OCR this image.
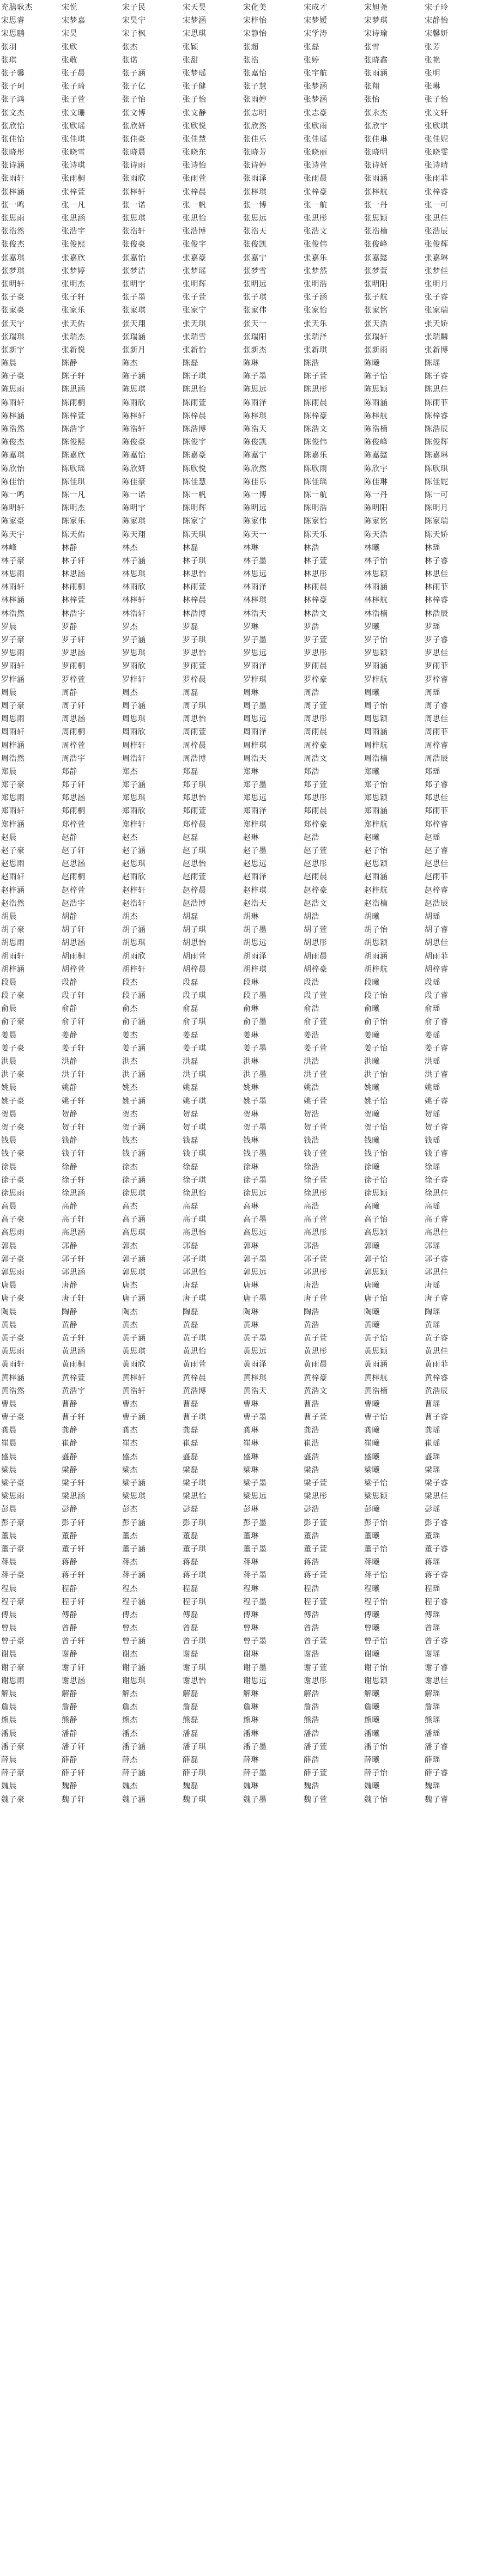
充膳耿杰	宋悦	宋子民	宋天昊	宋化美	宋成才	宋旭尧	宋子玲
宋思睿	宋梦嘉	宋昊宁	宋梦涵	宋梓怡	宋梦嫒	宋梦琪	宋静怡
宋思鹏	宋昊	宋子枫	宋思琪	宋静怡	宋学涛	宋诗瑜	宋馨妍
张羽	张欣	张杰	张颖	张超	张磊	张雪	张芳
张琪	张敬	张诺	张甜	张浩	张婷	张晓鑫	张艳
张子馨	张子晨	张子涵	张梦瑶	张嘉怡	张宇航	张雨涵	张明
张子珂	张子琦	张子亿	张子健	张子慧	张梦涵	张翔	张琳
张子鸿	张子萱	张子怡	张子怡	张雨婷	张梦涵	张怡	张子怡
张文杰	张文珊	张文博	张文静	张志明	张志豪	张永杰	张文轩
张欣怡	张欣瑶	张欣妍	张欣悦	张欣然	张欣雨	张欣宇	张欣琪
张佳怡	张佳琪	张佳豪	张佳慧	张佳乐	张佳瑶	张佳琳	张佳妮
张晓彤	张晓雪	张晓晨	张晓东	张晓芳	张晓丽	张晓明	张晓雯
张诗涵	张诗琪	张诗雨	张诗怡	张诗婷	张诗萱	张诗妍	张诗晴
张雨轩	张雨桐	张雨欣	张雨萱	张雨泽	张雨晨	张雨涵	张雨菲
张梓涵	张梓萱	张梓轩	张梓晨	张梓琪	张梓豪	张梓航	张梓睿
张一鸣	张一凡	张一诺	张一帆	张一博	张一航	张一丹	张一可
张思雨	张思涵	张思琪	张思怡	张思远	张思彤	张思颖	张思佳
张浩然	张浩宇	张浩轩	张浩博	张浩天	张浩文	张浩楠	张浩辰
张俊杰	张俊熙	张俊豪	张俊宇	张俊凯	张俊伟	张俊峰	张俊辉
张嘉琪	张嘉欣	张嘉怡	张嘉豪	张嘉宁	张嘉乐	张嘉懿	张嘉琳
张梦琪	张梦婷	张梦洁	张梦瑶	张梦雪	张梦然	张梦萱	张梦佳
张明轩	张明杰	张明宇	张明辉	张明远	张明浩	张明阳	张明月
张子豪	张子轩	张子墨	张子萱	张子琪	张子涵	张子航	张子睿
张家豪	张家乐	张家琪	张家宁	张家伟	张家怡	张家铭	张家瑞
张天宇	张天佑	张天翔	张天琪	张天一	张天乐	张天浩	张天娇
张瑞琪	张瑞杰	张瑞涵	张瑞雪	张瑞阳	张瑞泽	张瑞轩	张瑞麟
张新宇	张新悦	张新月	张新怡	张新杰	张新琪	张新雨	张新博
陈晨	陈静	陈杰	陈磊	陈琳	陈浩	陈曦	陈瑶
陈子豪	陈子轩	陈子涵	陈子琪	陈子墨	陈子萱	陈子怡	陈子睿
陈思雨	陈思涵	陈思琪	陈思怡	陈思远	陈思彤	陈思颖	陈思佳
陈雨轩	陈雨桐	陈雨欣	陈雨萱	陈雨泽	陈雨晨	陈雨涵	陈雨菲
陈梓涵	陈梓萱	陈梓轩	陈梓晨	陈梓琪	陈梓豪	陈梓航	陈梓睿
陈浩然	陈浩宇	陈浩轩	陈浩博	陈浩天	陈浩文	陈浩楠	陈浩辰
陈俊杰	陈俊熙	陈俊豪	陈俊宇	陈俊凯	陈俊伟	陈俊峰	陈俊辉
陈嘉琪	陈嘉欣	陈嘉怡	陈嘉豪	陈嘉宁	陈嘉乐	陈嘉懿	陈嘉琳
陈欣怡	陈欣瑶	陈欣妍	陈欣悦	陈欣然	陈欣雨	陈欣宇	陈欣琪
陈佳怡	陈佳琪	陈佳豪	陈佳慧	陈佳乐	陈佳瑶	陈佳琳	陈佳妮
陈一鸣	陈一凡	陈一诺	陈一帆	陈一博	陈一航	陈一丹	陈一可
陈明轩	陈明杰	陈明宇	陈明辉	陈明远	陈明浩	陈明阳	陈明月
陈家豪	陈家乐	陈家琪	陈家宁	陈家伟	陈家怡	陈家铭	陈家瑞
陈天宇	陈天佑	陈天翔	陈天琪	陈天一	陈天乐	陈天浩	陈天娇
林峰	林静	林杰	林磊	林琳	林浩	林曦	林瑶
林子豪	林子轩	林子涵	林子琪	林子墨	林子萱	林子怡	林子睿
林思雨	林思涵	林思琪	林思怡	林思远	林思彤	林思颖	林思佳
林雨轩	林雨桐	林雨欣	林雨萱	林雨泽	林雨晨	林雨涵	林雨菲
林梓涵	林梓萱	林梓轩	林梓晨	林梓琪	林梓豪	林梓航	林梓睿
林浩然	林浩宇	林浩轩	林浩博	林浩天	林浩文	林浩楠	林浩辰
罗晨	罗静	罗杰	罗磊	罗琳	罗浩	罗曦	罗瑶
罗子豪	罗子轩	罗子涵	罗子琪	罗子墨	罗子萱	罗子怡	罗子睿
罗思雨	罗思涵	罗思琪	罗思怡	罗思远	罗思彤	罗思颖	罗思佳
罗雨轩	罗雨桐	罗雨欣	罗雨萱	罗雨泽	罗雨晨	罗雨涵	罗雨菲
罗梓涵	罗梓萱	罗梓轩	罗梓晨	罗梓琪	罗梓豪	罗梓航	罗梓睿
周晨	周静	周杰	周磊	周琳	周浩	周曦	周瑶
周子豪	周子轩	周子涵	周子琪	周子墨	周子萱	周子怡	周子睿
周思雨	周思涵	周思琪	周思怡	周思远	周思彤	周思颖	周思佳
周雨轩	周雨桐	周雨欣	周雨萱	周雨泽	周雨晨	周雨涵	周雨菲
周梓涵	周梓萱	周梓轩	周梓晨	周梓琪	周梓豪	周梓航	周梓睿
周浩然	周浩宇	周浩轩	周浩博	周浩天	周浩文	周浩楠	周浩辰
郑晨	郑静	郑杰	郑磊	郑琳	郑浩	郑曦	郑瑶
郑子豪	郑子轩	郑子涵	郑子琪	郑子墨	郑子萱	郑子怡	郑子睿
郑思雨	郑思涵	郑思琪	郑思怡	郑思远	郑思彤	郑思颖	郑思佳
郑雨轩	郑雨桐	郑雨欣	郑雨萱	郑雨泽	郑雨晨	郑雨涵	郑雨菲
郑梓涵	郑梓萱	郑梓轩	郑梓晨	郑梓琪	郑梓豪	郑梓航	郑梓睿
赵晨	赵静	赵杰	赵磊	赵琳	赵浩	赵曦	赵瑶
赵子豪	赵子轩	赵子涵	赵子琪	赵子墨	赵子萱	赵子怡	赵子睿
赵思雨	赵思涵	赵思琪	赵思怡	赵思远	赵思彤	赵思颖	赵思佳
赵雨轩	赵雨桐	赵雨欣	赵雨萱	赵雨泽	赵雨晨	赵雨涵	赵雨菲
赵梓涵	赵梓萱	赵梓轩	赵梓晨	赵梓琪	赵梓豪	赵梓航	赵梓睿
赵浩然	赵浩宇	赵浩轩	赵浩博	赵浩天	赵浩文	赵浩楠	赵浩辰
胡晨	胡静	胡杰	胡磊	胡琳	胡浩	胡曦	胡瑶
胡子豪	胡子轩	胡子涵	胡子琪	胡子墨	胡子萱	胡子怡	胡子睿
胡思雨	胡思涵	胡思琪	胡思怡	胡思远	胡思彤	胡思颖	胡思佳
胡雨轩	胡雨桐	胡雨欣	胡雨萱	胡雨泽	胡雨晨	胡雨涵	胡雨菲
胡梓涵	胡梓萱	胡梓轩	胡梓晨	胡梓琪	胡梓豪	胡梓航	胡梓睿
段晨	段静	段杰	段磊	段琳	段浩	段曦	段瑶
段子豪	段子轩	段子涵	段子琪	段子墨	段子萱	段子怡	段子睿
俞晨	俞静	俞杰	俞磊	俞琳	俞浩	俞曦	俞瑶
俞子豪	俞子轩	俞子涵	俞子琪	俞子墨	俞子萱	俞子怡	俞子睿
姜晨	姜静	姜杰	姜磊	姜琳	姜浩	姜曦	姜瑶
姜子豪	姜子轩	姜子涵	姜子琪	姜子墨	姜子萱	姜子怡	姜子睿
洪晨	洪静	洪杰	洪磊	洪琳	洪浩	洪曦	洪瑶
洪子豪	洪子轩	洪子涵	洪子琪	洪子墨	洪子萱	洪子怡	洪子睿
姚晨	姚静	姚杰	姚磊	姚琳	姚浩	姚曦	姚瑶
姚子豪	姚子轩	姚子涵	姚子琪	姚子墨	姚子萱	姚子怡	姚子睿
贺晨	贺静	贺杰	贺磊	贺琳	贺浩	贺曦	贺瑶
贺子豪	贺子轩	贺子涵	贺子琪	贺子墨	贺子萱	贺子怡	贺子睿
钱晨	钱静	钱杰	钱磊	钱琳	钱浩	钱曦	钱瑶
钱子豪	钱子轩	钱子涵	钱子琪	钱子墨	钱子萱	钱子怡	钱子睿
徐晨	徐静	徐杰	徐磊	徐琳	徐浩	徐曦	徐瑶
徐子豪	徐子轩	徐子涵	徐子琪	徐子墨	徐子萱	徐子怡	徐子睿
徐思雨	徐思涵	徐思琪	徐思怡	徐思远	徐思彤	徐思颖	徐思佳
高晨	高静	高杰	高磊	高琳	高浩	高曦	高瑶
高子豪	高子轩	高子涵	高子琪	高子墨	高子萱	高子怡	高子睿
高思雨	高思涵	高思琪	高思怡	高思远	高思彤	高思颖	高思佳
郭晨	郭静	郭杰	郭磊	郭琳	郭浩	郭曦	郭瑶
郭子豪	郭子轩	郭子涵	郭子琪	郭子墨	郭子萱	郭子怡	郭子睿
郭思雨	郭思涵	郭思琪	郭思怡	郭思远	郭思彤	郭思颖	郭思佳
唐晨	唐静	唐杰	唐磊	唐琳	唐浩	唐曦	唐瑶
唐子豪	唐子轩	唐子涵	唐子琪	唐子墨	唐子萱	唐子怡	唐子睿
陶晨	陶静	陶杰	陶磊	陶琳	陶浩	陶曦	陶瑶
黄晨	黄静	黄杰	黄磊	黄琳	黄浩	黄曦	黄瑶
黄子豪	黄子轩	黄子涵	黄子琪	黄子墨	黄子萱	黄子怡	黄子睿
黄思雨	黄思涵	黄思琪	黄思怡	黄思远	黄思彤	黄思颖	黄思佳
黄雨轩	黄雨桐	黄雨欣	黄雨萱	黄雨泽	黄雨晨	黄雨涵	黄雨菲
黄梓涵	黄梓萱	黄梓轩	黄梓晨	黄梓琪	黄梓豪	黄梓航	黄梓睿
黄浩然	黄浩宇	黄浩轩	黄浩博	黄浩天	黄浩文	黄浩楠	黄浩辰
曹晨	曹静	曹杰	曹磊	曹琳	曹浩	曹曦	曹瑶
曹子豪	曹子轩	曹子涵	曹子琪	曹子墨	曹子萱	曹子怡	曹子睿
龚晨	龚静	龚杰	龚磊	龚琳	龚浩	龚曦	龚瑶
崔晨	崔静	崔杰	崔磊	崔琳	崔浩	崔曦	崔瑶
盛晨	盛静	盛杰	盛磊	盛琳	盛浩	盛曦	盛瑶
梁晨	梁静	梁杰	梁磊	梁琳	梁浩	梁曦	梁瑶
梁子豪	梁子轩	梁子涵	梁子琪	梁子墨	梁子萱	梁子怡	梁子睿
梁思雨	梁思涵	梁思琪	梁思怡	梁思远	梁思彤	梁思颖	梁思佳
彭晨	彭静	彭杰	彭磊	彭琳	彭浩	彭曦	彭瑶
彭子豪	彭子轩	彭子涵	彭子琪	彭子墨	彭子萱	彭子怡	彭子睿
董晨	董静	董杰	董磊	董琳	董浩	董曦	董瑶
董子豪	董子轩	董子涵	董子琪	董子墨	董子萱	董子怡	董子睿
蒋晨	蒋静	蒋杰	蒋磊	蒋琳	蒋浩	蒋曦	蒋瑶
蒋子豪	蒋子轩	蒋子涵	蒋子琪	蒋子墨	蒋子萱	蒋子怡	蒋子睿
程晨	程静	程杰	程磊	程琳	程浩	程曦	程瑶
程子豪	程子轩	程子涵	程子琪	程子墨	程子萱	程子怡	程子睿
傅晨	傅静	傅杰	傅磊	傅琳	傅浩	傅曦	傅瑶
曾晨	曾静	曾杰	曾磊	曾琳	曾浩	曾曦	曾瑶
曾子豪	曾子轩	曾子涵	曾子琪	曾子墨	曾子萱	曾子怡	曾子睿
谢晨	谢静	谢杰	谢磊	谢琳	谢浩	谢曦	谢瑶
谢子豪	谢子轩	谢子涵	谢子琪	谢子墨	谢子萱	谢子怡	谢子睿
谢思雨	谢思涵	谢思琪	谢思怡	谢思远	谢思彤	谢思颖	谢思佳
解晨	解静	解杰	解磊	解琳	解浩	解曦	解瑶
詹晨	詹静	詹杰	詹磊	詹琳	詹浩	詹曦	詹瑶
熊晨	熊静	熊杰	熊磊	熊琳	熊浩	熊曦	熊瑶
潘晨	潘静	潘杰	潘磊	潘琳	潘浩	潘曦	潘瑶
潘子豪	潘子轩	潘子涵	潘子琪	潘子墨	潘子萱	潘子怡	潘子睿
薛晨	薛静	薛杰	薛磊	薛琳	薛浩	薛曦	薛瑶
薛子豪	薛子轩	薛子涵	薛子琪	薛子墨	薛子萱	薛子怡	薛子睿
魏晨	魏静	魏杰	魏磊	魏琳	魏浩	魏曦	魏瑶
魏子豪	魏子轩	魏子涵	魏子琪	魏子墨	魏子萱	魏子怡	魏子睿
